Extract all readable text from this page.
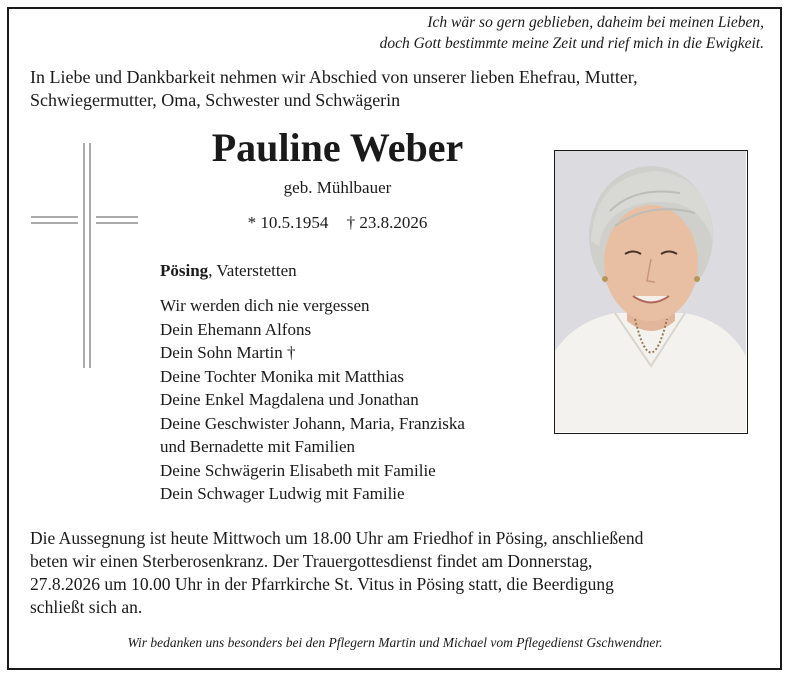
Ich wär so gern geblieben, daheim bei meinen Lieben,
doch Gott bestimmte meine Zeit und rief mich in die Ewigkeit.
In Liebe und Dankbarkeit nehmen wir Abschied von unserer lieben Ehefrau, Mutter,
Schwiegermutter, Oma, Schwester und Schwägerin
Pauline Weber
geb. Mühlbauer
* 10.5.1954 † 23.8.2026
Pösing, Vaterstetten
Wir werden dich nie vergessen
Dein Ehemann Alfons
Dein Sohn Martin †
Deine Tochter Monika mit Matthias
Deine Enkel Magdalena und Jonathan
Deine Geschwister Johann, Maria, Franziska
und Bernadette mit Familien
Deine Schwägerin Elisabeth mit Familie
Dein Schwager Ludwig mit Familie
Die Aussegnung ist heute Mittwoch um 18.00 Uhr am Friedhof in Pösing, anschließend
beten wir einen Sterberosenkranz. Der Trauergottesdienst findet am Donnerstag,
27.8.2026 um 10.00 Uhr in der Pfarrkirche St. Vitus in Pösing statt, die Beerdigung
schließt sich an.
Wir bedanken uns besonders bei den Pflegern Martin und Michael vom Pflegedienst Gschwendner.
